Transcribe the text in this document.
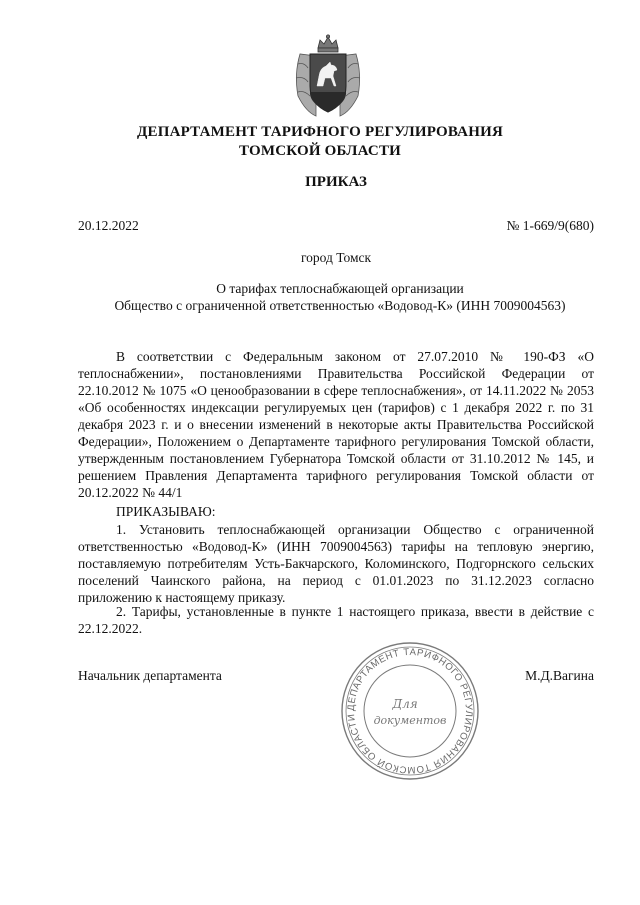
ДЕПАРТАМЕНТ ТАРИФНОГО РЕГУЛИРОВАНИЯ
ТОМСКОЙ ОБЛАСТИ
ПРИКАЗ
20.12.2022	№ 1-669/9(680)
город Томск
О тарифах теплоснабжающей организации
Общество с ограниченной ответственностью «Водовод-К» (ИНН 7009004563)
В соответствии с Федеральным законом от 27.07.2010 № 190-ФЗ «О теплоснабжении», постановлениями Правительства Российской Федерации от 22.10.2012 № 1075 «О ценообразовании в сфере теплоснабжения», от 14.11.2022 № 2053 «Об особенностях индексации регулируемых цен (тарифов) с 1 декабря 2022 г. по 31 декабря 2023 г. и о внесении изменений в некоторые акты Правительства Российской Федерации», Положением о Департаменте тарифного регулирования Томской области, утвержденным постановлением Губернатора Томской области от 31.10.2012 № 145, и решением Правления Департамента тарифного регулирования Томской области от 20.12.2022 № 44/1
ПРИКАЗЫВАЮ:
1. Установить теплоснабжающей организации Общество с ограниченной ответственностью «Водовод-К» (ИНН 7009004563) тарифы на тепловую энергию, поставляемую потребителям Усть-Бакчарского, Коломинского, Подгорнского сельских поселений Чаинского района, на период с 01.01.2023 по 31.12.2023 согласно приложению к настоящему приказу.
2. Тарифы, установленные в пункте 1 настоящего приказа, ввести в действие с 22.12.2022.
Начальник департамента	М.Д.Вагина
ДЕПАРТАМЕНТ ТАРИФНОГО РЕГУЛИРОВАНИЯ ТОМСКОЙ ОБЛАСТИ
Для
документов
